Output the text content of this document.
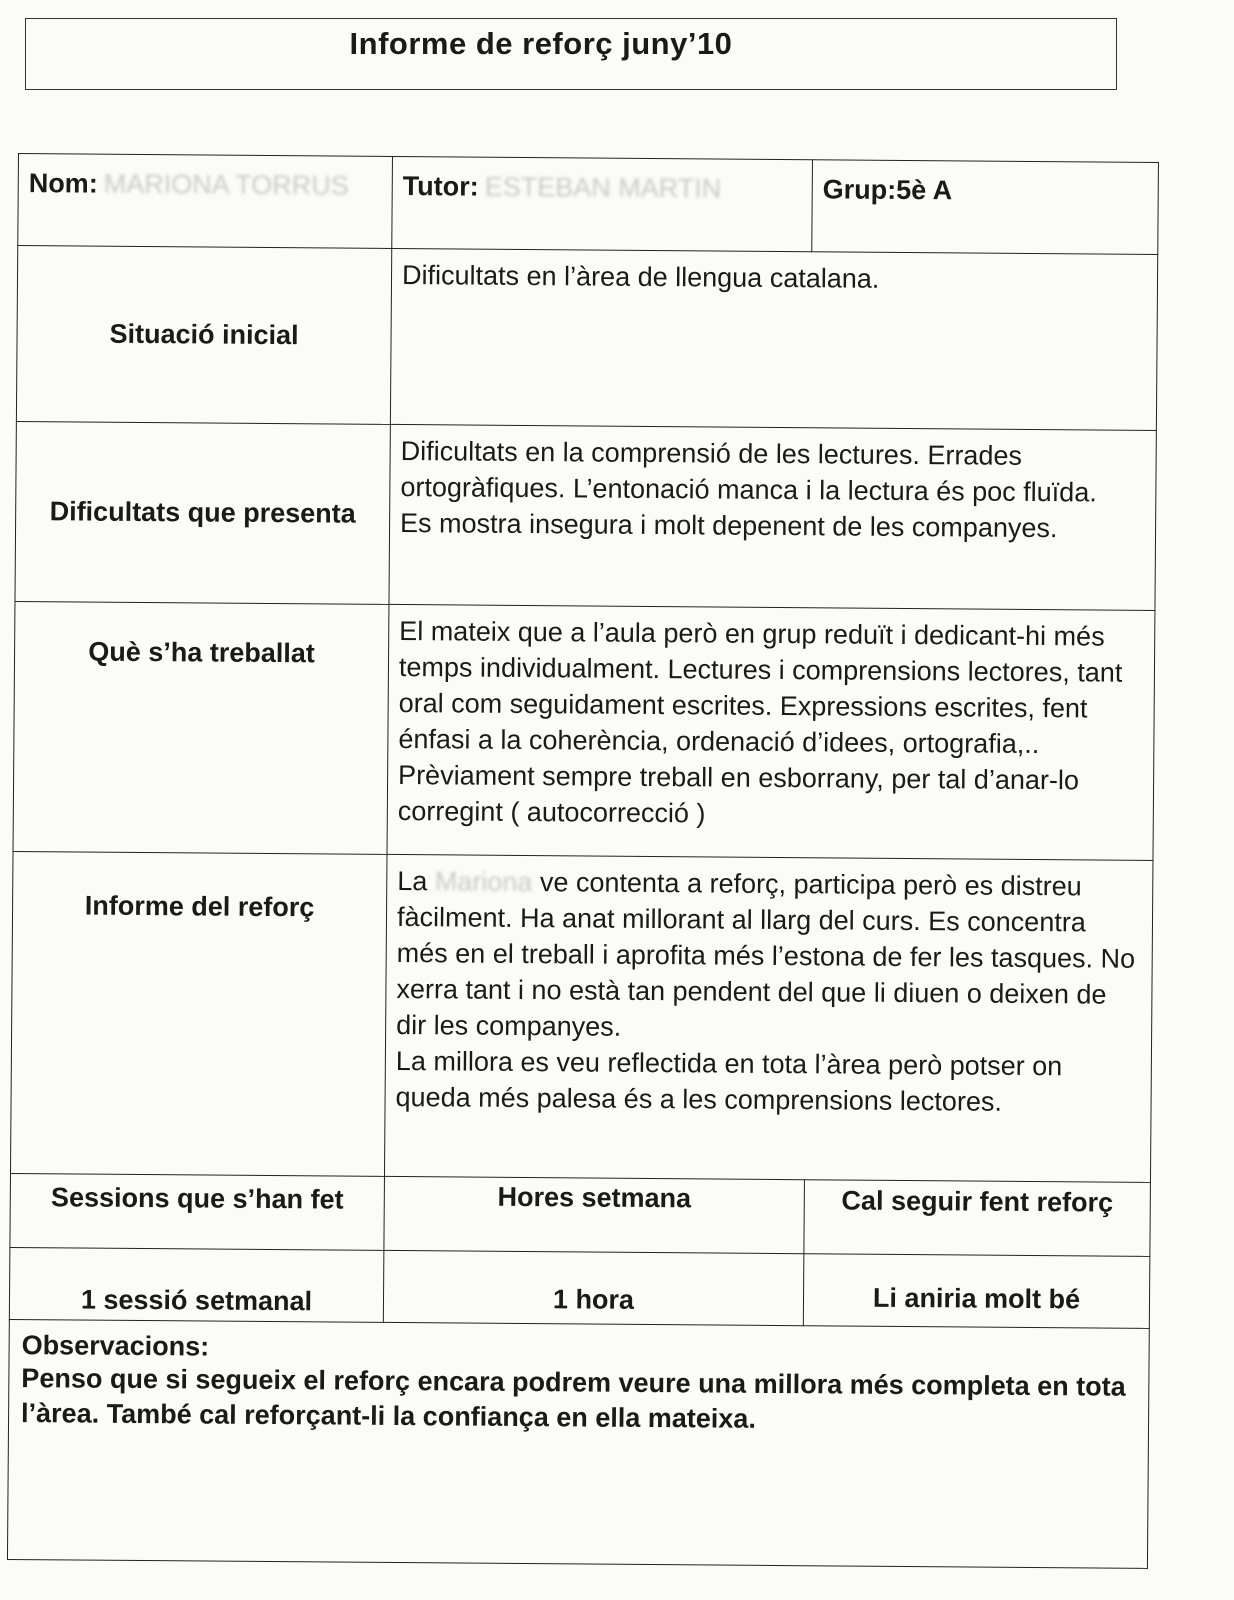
Informe de reforç juny’10
Nom: MARIONA TORRUS	Tutor: ESTEBAN MARTIN	Grup:5è A
Situació inicial	Dificultats en l’àrea de llengua catalana.	
Dificultats que presenta	Dificultats en la comprensió de les lectures. Errades ortogràfiques. L’entonació manca i la lectura és poc fluïda. Es mostra insegura i molt depenent de les companyes.	
Què s’ha treballat	El mateix que a l’aula però en grup reduït i dedicant-hi més temps individualment. Lectures i comprensions lectores, tant oral com seguidament escrites. Expressions escrites, fent énfasi a la coherència, ordenació d’idees, ortografia,.. Prèviament sempre treball en esborrany, per tal d’anar-lo corregint ( autocorrecció )	
Informe del reforç	La Mariona ve contenta a reforç, participa però es distreu fàcilment. Ha anat millorant al llarg del curs. Es concentra més en el treball i aprofita més l’estona de fer les tasques. No xerra tant i no està tan pendent del que li diuen o deixen de dir les companyes.
La millora es veu reflectida en tota l’àrea però potser on queda més palesa és a les comprensions lectores.	
Sessions que s’han fet	Hores setmana	Cal seguir fent reforç
1 sessió setmanal	1 hora	Li aniria molt bé

Observacions:
Penso que si segueix el reforç encara podrem veure una millora més completa en tota l’àrea. També cal reforçant-li la confiança en ella mateixa.		
